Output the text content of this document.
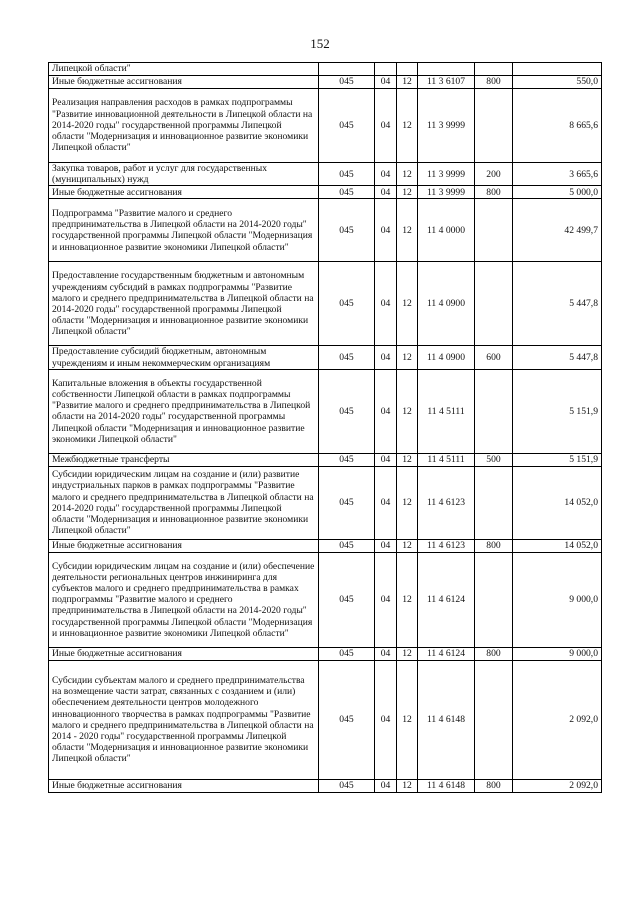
152
Липецкой области"						
Иные бюджетные ассигнования	045	04	12	11 3 6107	800	550,0
Реализация направления расходов в рамках подпрограммы "Развитие инновационной деятельности в Липецкой области на 2014-2020 годы" государственной программы Липецкой области "Модернизация и инновационное развитие экономики Липецкой области"	045	04	12	11 3 9999		8 665,6
Закупка товаров, работ и услуг для государственных (муниципальных) нужд	045	04	12	11 3 9999	200	3 665,6
Иные бюджетные ассигнования	045	04	12	11 3 9999	800	5 000,0
Подпрограмма "Развитие малого и среднего предпринимательства в Липецкой области на 2014-2020 годы" государственной программы Липецкой области "Модернизация и инновационное развитие экономики Липецкой области"	045	04	12	11 4 0000		42 499,7
Предоставление государственным бюджетным и автономным учреждениям субсидий в рамках подпрограммы "Развитие малого и среднего предпринимательства в Липецкой области на 2014-2020 годы" государственной программы Липецкой области "Модернизация и инновационное развитие экономики Липецкой области"	045	04	12	11 4 0900		5 447,8
Предоставление субсидий бюджетным, автономным учреждениям и иным некоммерческим организациям	045	04	12	11 4 0900	600	5 447,8
Капитальные вложения в объекты государственной собственности Липецкой области в рамках подпрограммы "Развитие малого и среднего предпринимательства в Липецкой области на 2014-2020 годы" государственной программы Липецкой области "Модернизация и инновационное развитие экономики Липецкой области"	045	04	12	11 4 5111		5 151,9
Межбюджетные трансферты	045	04	12	11 4 5111	500	5 151,9
Субсидии юридическим лицам на создание и (или) развитие индустриальных парков в рамках подпрограммы "Развитие малого и среднего предпринимательства в Липецкой области на 2014-2020 годы" государственной программы Липецкой области "Модернизация и инновационное развитие экономики Липецкой области"	045	04	12	11 4 6123		14 052,0
Иные бюджетные ассигнования	045	04	12	11 4 6123	800	14 052,0
Субсидии юридическим лицам на создание и (или) обеспечение деятельности региональных центров инжиниринга для субъектов малого и среднего предпринимательства в рамках подпрограммы "Развитие малого и среднего предпринимательства в Липецкой области на 2014-2020 годы" государственной программы Липецкой области "Модернизация и инновационное развитие экономики Липецкой области"	045	04	12	11 4 6124		9 000,0
Иные бюджетные ассигнования	045	04	12	11 4 6124	800	9 000,0
Субсидии субъектам малого и среднего предпринимательства на возмещение части затрат, связанных с созданием и (или) обеспечением деятельности центров молодежного инновационного творчества в рамках подпрограммы "Развитие малого и среднего предпринимательства в Липецкой области на 2014 - 2020 годы" государственной программы Липецкой области "Модернизация и инновационное развитие экономики Липецкой области"	045	04	12	11 4 6148		2 092,0
Иные бюджетные ассигнования	045	04	12	11 4 6148	800	2 092,0
